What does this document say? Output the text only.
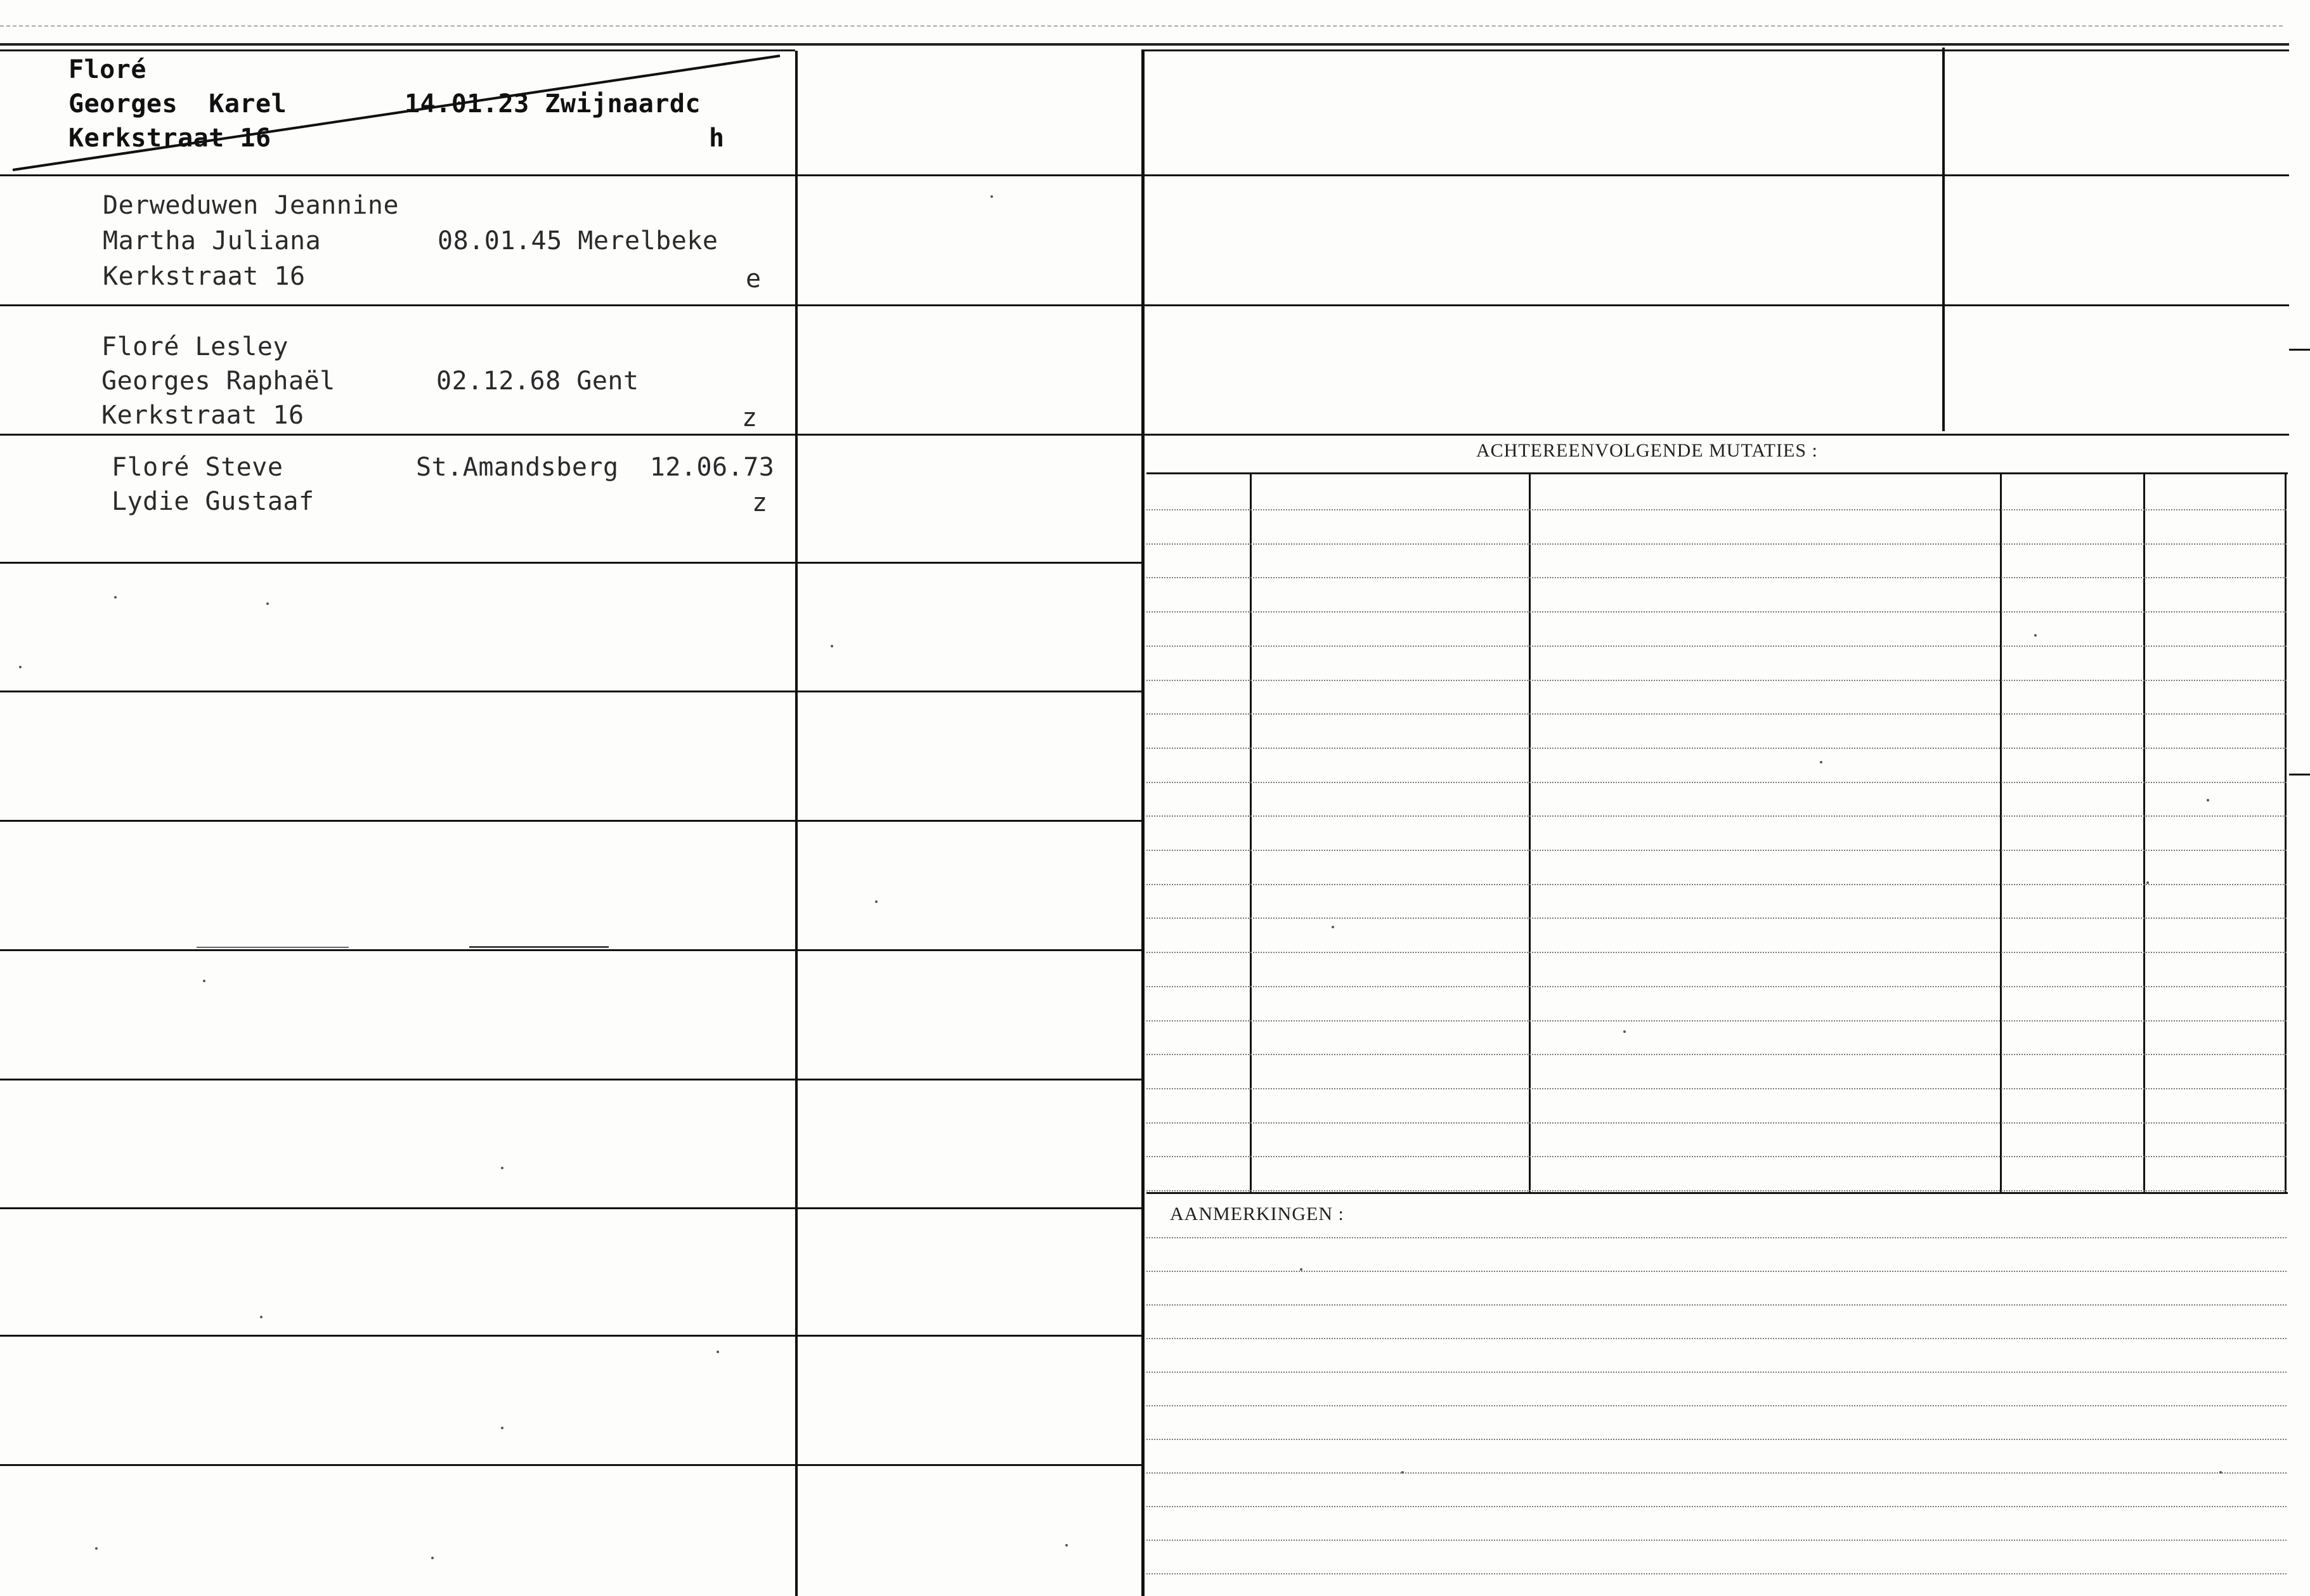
Floré
Georges  Karel	14.01.23 Zwijnaardc
Kerkstraat 16	h
Derweduwen Jeannine
Martha Juliana	08.01.45 Merelbeke
Kerkstraat 16	e
Floré Lesley
Georges Raphaël	02.12.68 Gent
Kerkstraat 16	z
Floré Steve	St.Amandsberg  12.06.73
Lydie Gustaaf	z
ACHTEREENVOLGENDE MUTATIES :
AANMERKINGEN :
